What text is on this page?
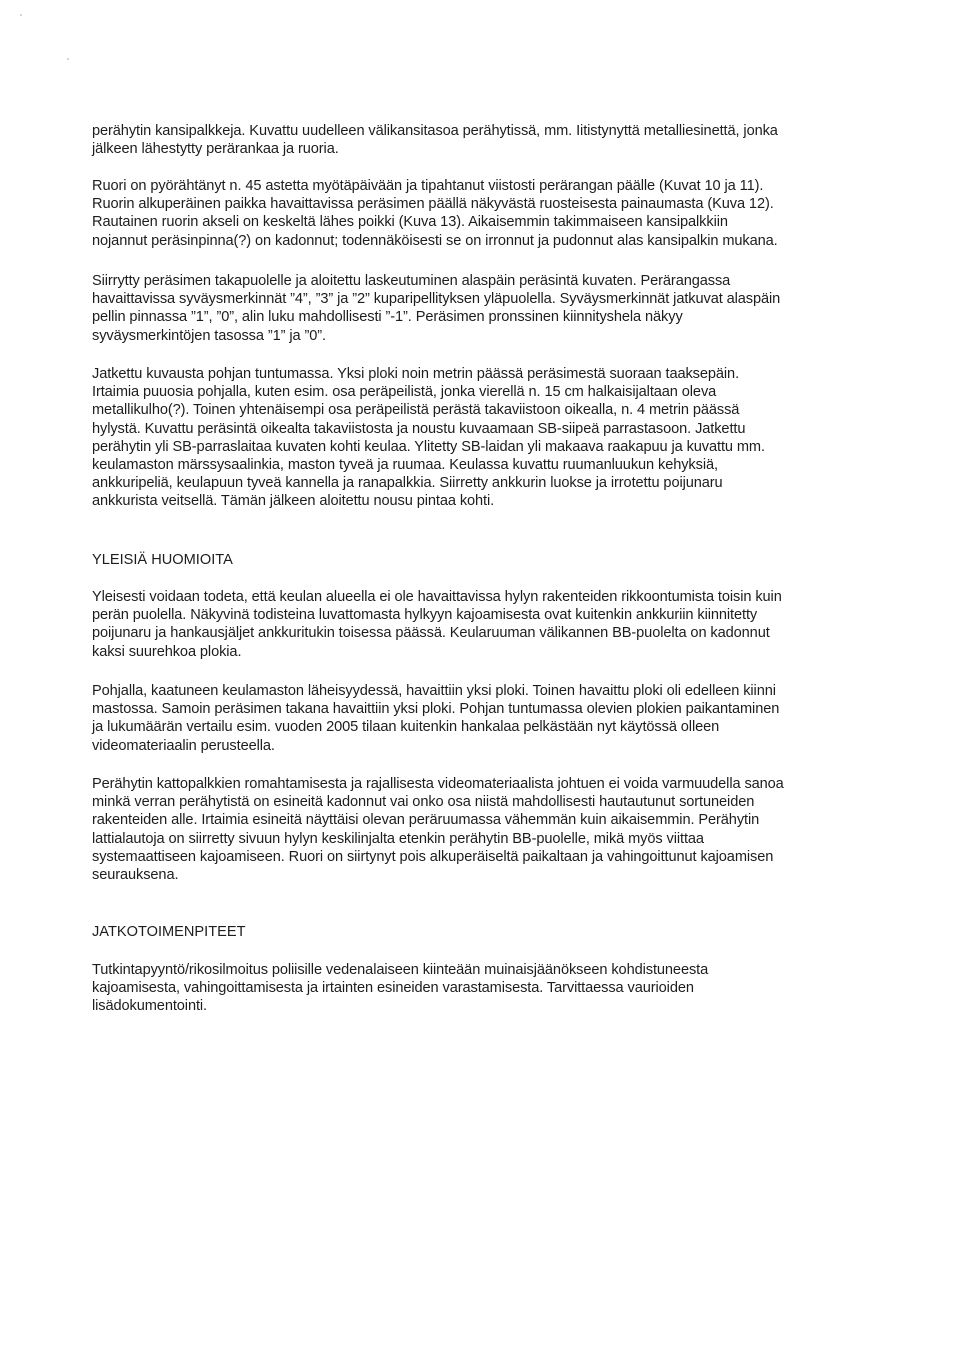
perähytin kansipalkkeja. Kuvattu uudelleen välikansitasoa perähytissä, mm. Iitistynyttä metalliesinettä, jonka
jälkeen lähestytty perärankaa ja ruoria.
Ruori on pyörähtänyt n. 45 astetta myötäpäivään ja tipahtanut viistosti perärangan päälle (Kuvat 10 ja 11).
Ruorin alkuperäinen paikka havaittavissa peräsimen päällä näkyvästä ruosteisesta painaumasta (Kuva 12).
Rautainen ruorin akseli on keskeltä lähes poikki (Kuva 13). Aikaisemmin takimmaiseen kansipalkkiin
nojannut peräsinpinna(?) on kadonnut; todennäköisesti se on irronnut ja pudonnut alas kansipalkin mukana.
Siirrytty peräsimen takapuolelle ja aloitettu laskeutuminen alaspäin peräsintä kuvaten. Perärangassa
havaittavissa syväysmerkinnät ”4”, ”3” ja ”2” kuparipellityksen yläpuolella. Syväysmerkinnät jatkuvat alaspäin
pellin pinnassa ”1”, ”0”, alin luku mahdollisesti ”-1”. Peräsimen pronssinen kiinnityshela näkyy
syväysmerkintöjen tasossa ”1” ja ”0”.
Jatkettu kuvausta pohjan tuntumassa. Yksi ploki noin metrin päässä peräsimestä suoraan taaksepäin.
Irtaimia puuosia pohjalla, kuten esim. osa peräpeilistä, jonka vierellä n. 15 cm halkaisijaltaan oleva
metallikulho(?). Toinen yhtenäisempi osa peräpeilistä perästä takaviistoon oikealla, n. 4 metrin päässä
hylystä. Kuvattu peräsintä oikealta takaviistosta ja noustu kuvaamaan SB-siipeä parrastasoon. Jatkettu
perähytin yli SB-parraslaitaa kuvaten kohti keulaa. Ylitetty SB-laidan yli makaava raakapuu ja kuvattu mm.
keulamaston märssysaalinkia, maston tyveä ja ruumaa. Keulassa kuvattu ruumanluukun kehyksiä,
ankkuripeliä, keulapuun tyveä kannella ja ranapalkkia. Siirretty ankkurin luokse ja irrotettu poijunaru
ankkurista veitsellä. Tämän jälkeen aloitettu nousu pintaa kohti.
YLEISIÄ HUOMIOITA
Yleisesti voidaan todeta, että keulan alueella ei ole havaittavissa hylyn rakenteiden rikkoontumista toisin kuin
perän puolella. Näkyvinä todisteina luvattomasta hylkyyn kajoamisesta ovat kuitenkin ankkuriin kiinnitetty
poijunaru ja hankausjäljet ankkuritukin toisessa päässä. Keularuuman välikannen BB-puolelta on kadonnut
kaksi suurehkoa plokia.
Pohjalla, kaatuneen keulamaston läheisyydessä, havaittiin yksi ploki. Toinen havaittu ploki oli edelleen kiinni
mastossa. Samoin peräsimen takana havaittiin yksi ploki. Pohjan tuntumassa olevien plokien paikantaminen
ja lukumäärän vertailu esim. vuoden 2005 tilaan kuitenkin hankalaa pelkästään nyt käytössä olleen
videomateriaalin perusteella.
Perähytin kattopalkkien romahtamisesta ja rajallisesta videomateriaalista johtuen ei voida varmuudella sanoa
minkä verran perähytistä on esineitä kadonnut vai onko osa niistä mahdollisesti hautautunut sortuneiden
rakenteiden alle. Irtaimia esineitä näyttäisi olevan peräruumassa vähemmän kuin aikaisemmin. Perähytin
lattialautoja on siirretty sivuun hylyn keskilinjalta etenkin perähytin BB-puolelle, mikä myös viittaa
systemaattiseen kajoamiseen. Ruori on siirtynyt pois alkuperäiseltä paikaltaan ja vahingoittunut kajoamisen
seurauksena.
JATKOTOIMENPITEET
Tutkintapyyntö/rikosilmoitus poliisille vedenalaiseen kiinteään muinaisjäänökseen kohdistuneesta
kajoamisesta, vahingoittamisesta ja irtainten esineiden varastamisesta. Tarvittaessa vaurioiden
lisädokumentointi.
